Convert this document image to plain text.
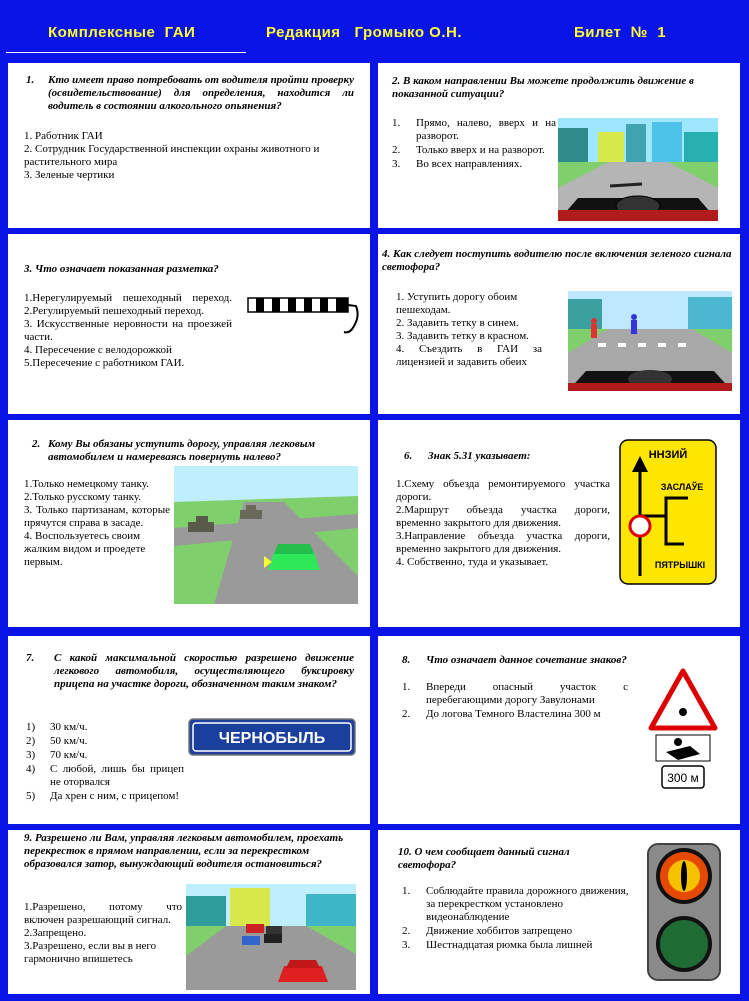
Комплексные  ГАИ	Редакция   Громыко О.Н.	Билет  №  1
1. Кто имеет право потребовать от водителя пройти проверку (освидетельствование) для определения, находится ли водитель в состоянии алкогольного опьянения?
1. Работник ГАИ
2. Сотрудник Государственной инспекции охраны животного и растительного мира
3. Зеленые чертики
2. В каком направлении Вы можете продолжить движение в показанной ситуации?
1. Прямо, налево, вверх и на разворот.
2. Только вверх и на разворот.
3. Во всех направлениях.
3. Что означает показанная разметка?
1.Нерегулируемый пешеходный переход.
2.Регулируемый пешеходный переход.
3. Искусственные неровности на проезжей части.
4. Пересечение с велодорожкой
5.Пересечение с работником ГАИ.
4. Как следует поступить водителю после включения зеленого сигнала светофора?
1. Уступить дорогу обоим пешеходам.
2. Задавить тетку в синем.
3. Задавить тетку в красном.
4. Съездить в ГАИ за лицензией и задавить обеих
2. Кому Вы обязаны уступить дорогу, управляя легковым автомобилем и намереваясь повернуть налево?
1.Только немецкому танку.
2.Только русскому танку.
3. Только партизанам, которые прячутся справа в засаде.
4. Воспользуетесь своим жалким видом и проедете первым.
6. Знак 5.31 указывает:
1.Схему объезда ремонтируемого участка дороги.
2.Маршрут объезда участка дороги, временно закрытого для движения.
3.Направление объезда участка дороги, временно закрытого для движения.
4. Собственно, туда и указывает.
ННЗИЙ
ЗАСЛАЎЕ
ПЯТРЫШКІ
7. С какой максимальной скоростью разрешено движение легкового автомобиля, осуществляющего буксировку прицепа на участке дороги, обозначенном таким знаком?
1) 30 км/ч.
2) 50 км/ч.
3) 70 км/ч.
4) С любой, лишь бы прицеп не оторвался
5) Да хрен с ним, с прицепом!
ЧЕРНОБЫЛЬ
8. Что означает данное сочетание знаков?
1. Впереди опасный участок с перебегающими дорогу Завулонами
2. До логова Темного Властелина 300 м
300 м
9. Разрешено ли Вам, управляя легковым автомобилем, проехать перекресток в прямом направлении, если за перекрестком образовался затор, вынуждающий водителя остановиться?
1.Разрешено, потому что включен разрешающий сигнал.
2.Запрещено.
3.Разрешено, если вы в него гармонично впишетесь
10. О чем сообщает данный сигнал светофора?
1. Соблюдайте правила дорожного движения, за перекрестком установлено видеонаблюдение
2. Движение хоббитов запрещено
3. Шестнадцатая рюмка была лишней
